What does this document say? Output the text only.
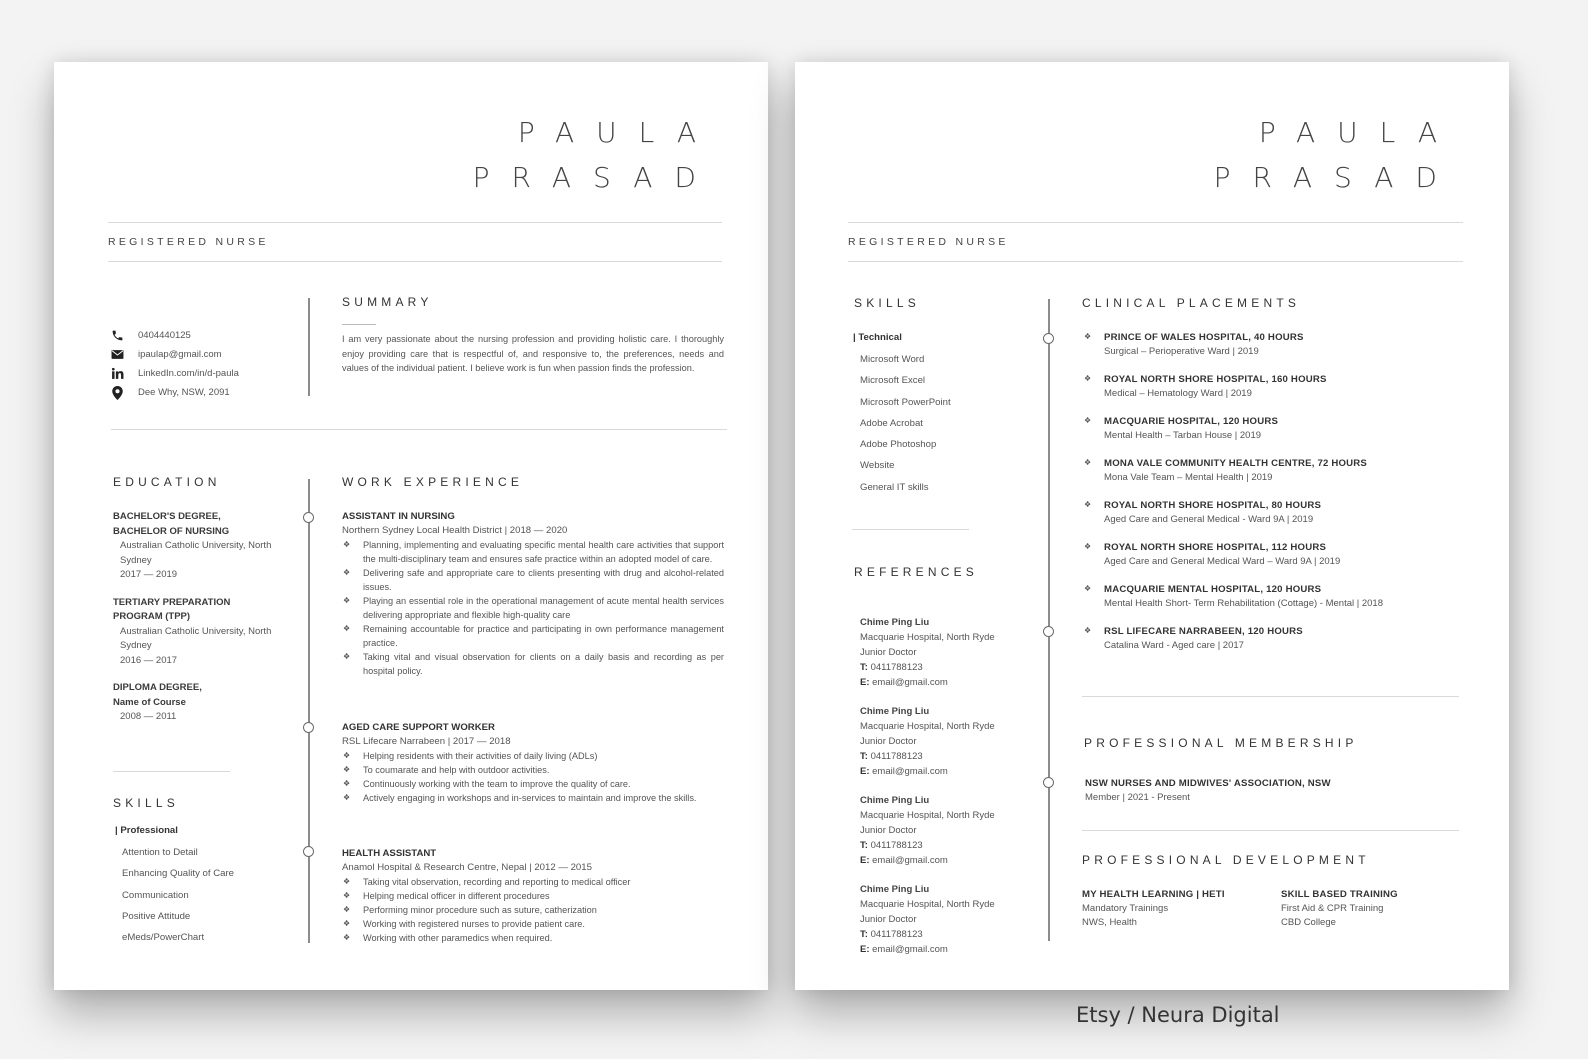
PAULA
PRASAD
REGISTERED NURSE
0404440125
ipaulap@gmail.com
LinkedIn.com/in/d-paula
Dee Why, NSW, 2091
SUMMARY
I am very passionate about the nursing profession and providing holistic care. I thoroughly enjoy providing care that is respectful of, and responsive to, the preferences, needs and values of the individual patient. I believe work is fun when passion finds the profession.
EDUCATION
BACHELOR'S DEGREE,
BACHELOR OF NURSING
Australian Catholic University, North Sydney
2017 — 2019
TERTIARY PREPARATION
PROGRAM (TPP)
Australian Catholic University, North Sydney
2016 — 2017
DIPLOMA DEGREE,
Name of Course
2008 — 2011
SKILLS
| Professional
Attention to Detail
Enhancing Quality of Care
Communication
Positive Attitude
eMeds/PowerChart
WORK EXPERIENCE
ASSISTANT IN NURSING
Northern Sydney Local Health District | 2018 — 2020
❖ Planning, implementing and evaluating specific mental health care activities that support the multi-disciplinary team and ensures safe practice within an adopted model of care.
❖ Delivering safe and appropriate care to clients presenting with drug and alcohol-related issues.
❖ Playing an essential role in the operational management of acute mental health services delivering appropriate and flexible high-quality care
❖ Remaining accountable for practice and participating in own performance management practice.
❖ Taking vital and visual observation for clients on a daily basis and recording as per hospital policy.
AGED CARE SUPPORT WORKER
RSL Lifecare Narrabeen | 2017 — 2018
❖ Helping residents with their activities of daily living (ADLs)
❖ To coumarate and help with outdoor activities.
❖ Continuously working with the team to improve the quality of care.
❖ Actively engaging in workshops and in-services to maintain and improve the skills.
HEALTH ASSISTANT
Anamol Hospital & Research Centre, Nepal | 2012 — 2015
❖ Taking vital observation, recording and reporting to medical officer
❖ Helping medical officer in different procedures
❖ Performing minor procedure such as suture, catherization
❖ Working with registered nurses to provide patient care.
❖ Working with other paramedics when required.
PAULA
PRASAD
REGISTERED NURSE
SKILLS
| Technical
Microsoft Word
Microsoft Excel
Microsoft PowerPoint
Adobe Acrobat
Adobe Photoshop
Website
General IT skills
REFERENCES
Chime Ping Liu
Macquarie Hospital, North Ryde
Junior Doctor
T: 0411788123
E: email@gmail.com
Chime Ping Liu
Macquarie Hospital, North Ryde
Junior Doctor
T: 0411788123
E: email@gmail.com
Chime Ping Liu
Macquarie Hospital, North Ryde
Junior Doctor
T: 0411788123
E: email@gmail.com
Chime Ping Liu
Macquarie Hospital, North Ryde
Junior Doctor
T: 0411788123
E: email@gmail.com
CLINICAL PLACEMENTS
❖ PRINCE OF WALES HOSPITAL, 40 HOURS
Surgical – Perioperative Ward | 2019
❖ ROYAL NORTH SHORE HOSPITAL, 160 HOURS
Medical – Hematology Ward | 2019
❖ MACQUARIE HOSPITAL, 120 HOURS
Mental Health – Tarban House | 2019
❖ MONA VALE COMMUNITY HEALTH CENTRE, 72 HOURS
Mona Vale Team – Mental Health | 2019
❖ ROYAL NORTH SHORE HOSPITAL, 80 HOURS
Aged Care and General Medical - Ward 9A | 2019
❖ ROYAL NORTH SHORE HOSPITAL, 112 HOURS
Aged Care and General Medical Ward – Ward 9A | 2019
❖ MACQUARIE MENTAL HOSPITAL, 120 HOURS
Mental Health Short- Term Rehabilitation (Cottage) - Mental | 2018
❖ RSL LIFECARE NARRABEEN, 120 HOURS
Catalina Ward - Aged care | 2017
PROFESSIONAL MEMBERSHIP
NSW NURSES AND MIDWIVES' ASSOCIATION, NSW
Member | 2021 - Present
PROFESSIONAL DEVELOPMENT
MY HEALTH LEARNING | HETI
Mandatory Trainings
NWS, Health
SKILL BASED TRAINING
First Aid & CPR Training
CBD College
Etsy / Neura Digital
